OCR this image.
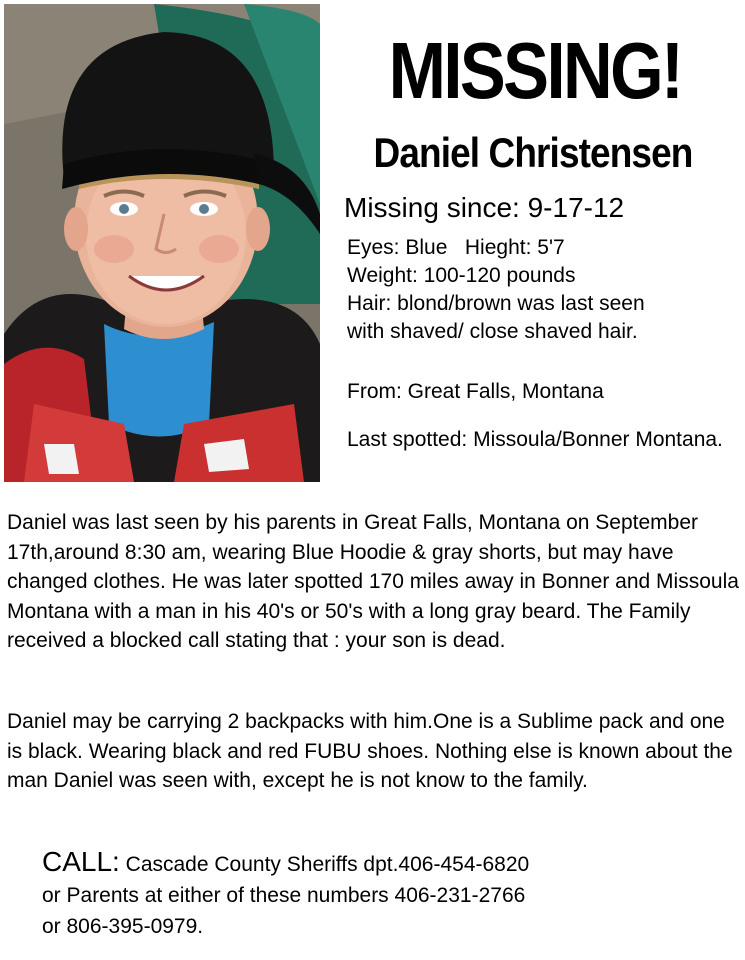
MISSING!
Daniel Christensen
Missing since: 9-17-12
Eyes: Blue   Hieght: 5'7
Weight: 100-120 pounds
Hair: blond/brown was last seen
with shaved/ close shaved hair.
From: Great Falls, Montana
Last spotted: Missoula/Bonner Montana.
Daniel was last seen by his parents in Great Falls, Montana on September 17th,around 8:30 am, wearing Blue Hoodie & gray shorts, but may have changed clothes. He was later spotted 170 miles away in Bonner and Missoula Montana with a man in his 40's or 50's with a long gray beard. The Family received a blocked call stating that : your son is dead.
Daniel may be carrying 2 backpacks with him.One is a Sublime pack and one is black. Wearing black and red FUBU shoes. Nothing else is known about the man Daniel was seen with, except he is not know to the family.
CALL: Cascade County Sheriffs dpt.406-454-6820
or Parents at either of these numbers 406-231-2766
or 806-395-0979.
